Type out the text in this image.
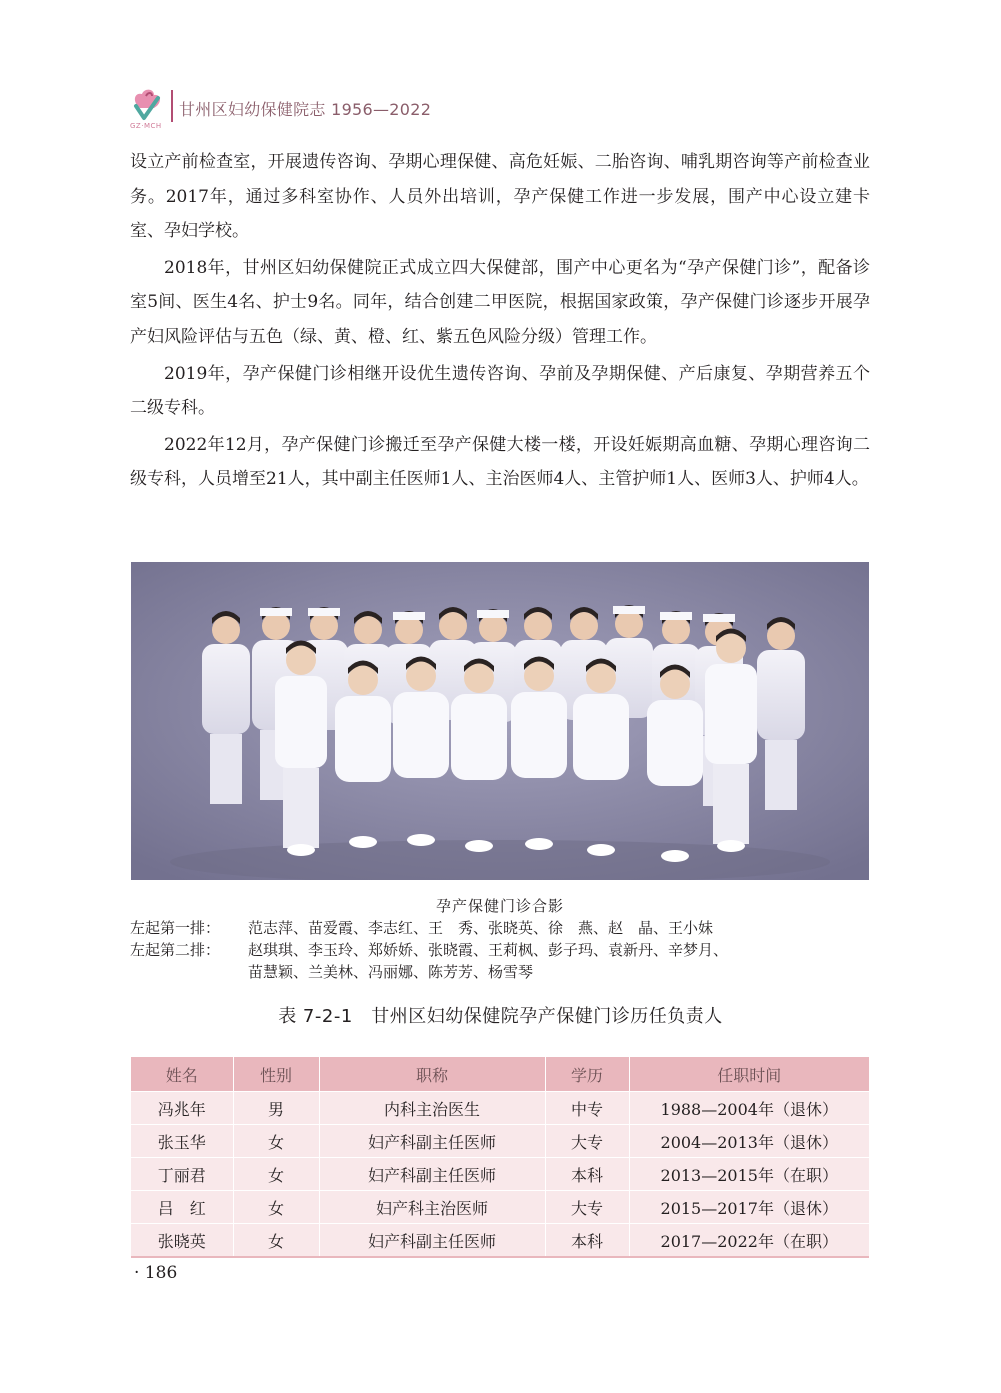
GZ·MCH
甘州区妇幼保健院志 1956—2022

设立产前检查室，开展遗传咨询、孕期心理保健、高危妊娠、二胎咨询、哺乳期咨询等产前检查业务。2017年，通过多科室协作、人员外出培训，孕产保健工作进一步发展，围产中心设立建卡室、孕妇学校。

2018年，甘州区妇幼保健院正式成立四大保健部，围产中心更名为“孕产保健门诊”，配备诊室5间、医生4名、护士9名。同年，结合创建二甲医院，根据国家政策，孕产保健门诊逐步开展孕产妇风险评估与五色（绿、黄、橙、红、紫五色风险分级）管理工作。

2019年，孕产保健门诊相继开设优生遗传咨询、孕前及孕期保健、产后康复、孕期营养五个二级专科。

2022年12月，孕产保健门诊搬迁至孕产保健大楼一楼，开设妊娠期高血糖、孕期心理咨询二级专科，人员增至21人，其中副主任医师1人、主治医师4人、主管护师1人、医师3人、护师4人。

孕产保健门诊合影
左起第一排：	范志萍、苗爱霞、李志红、王　秀、张晓英、徐　燕、赵　晶、王小妹
左起第二排：	赵琪琪、李玉玲、郑娇娇、张晓霞、王莉枫、彭子玛、袁新丹、辛梦月、
苗慧颖、兰美林、冯丽娜、陈芳芳、杨雪琴
表 7-2-1　甘州区妇幼保健院孕产保健门诊历任负责人
姓名	性别	职称	学历	任职时间
冯兆年	男	内科主治医生	中专	1988—2004年（退休）
张玉华	女	妇产科副主任医师	大专	2004—2013年（退休）
丁丽君	女	妇产科副主任医师	本科	2013—2015年（在职）
吕　红	女	妇产科主治医师	大专	2015—2017年（退休）
张晓英	女	妇产科副主任医师	本科	2017—2022年（在职）
· 186
